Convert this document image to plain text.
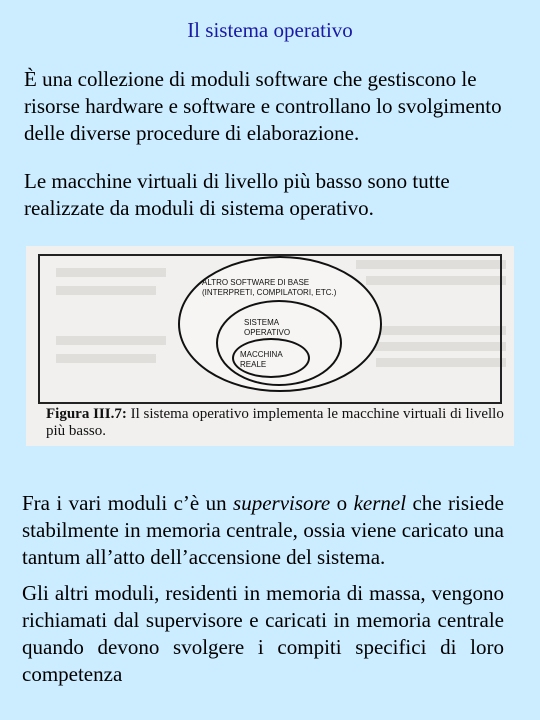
Il sistema operativo
È una collezione di moduli software che gestiscono le risorse hardware e software e controllano lo svolgimento delle diverse procedure di elaborazione.
Le macchine virtuali di livello più basso sono tutte realizzate da moduli di sistema operativo.
ALTRO SOFTWARE DI BASE
(INTERPRETI, COMPILATORI, ETC.)
SISTEMA
OPERATIVO
MACCHINA
REALE
Figura III.7: Il sistema operativo implementa le macchine virtuali di livello più basso.
Fra i vari moduli c’è un supervisore o kernel che risiede stabilmente in memoria centrale, ossia viene caricato una tantum all’atto dell’accensione del sistema.
Gli altri moduli, residenti in memoria di massa, vengono richiamati dal supervisore e caricati in memoria centrale quando devono svolgere i compiti specifici di loro competenza
